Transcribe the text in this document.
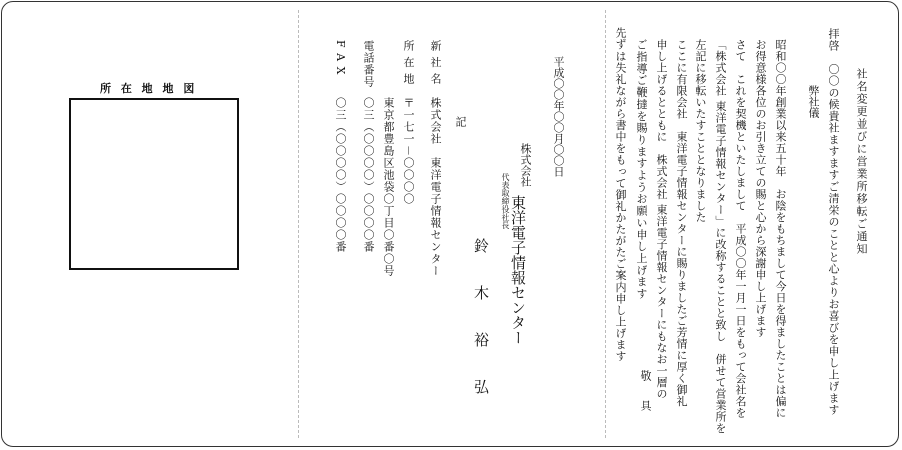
所 在 地 地 図
F A X
〇三（〇〇〇〇）〇〇〇〇番
電話番号
〇三（〇〇〇〇）〇〇〇〇番 東京都豊島区池袋〇丁目〇番〇号
所 在 地
〒一七一－〇〇〇〇
新 社 名
株式会社　東洋電子情報センター 記
鈴木裕弘
代表取締役社長 東洋電子情報センター
株式会社 平成〇〇年〇〇月〇〇日	先ずは失礼ながら書中をもって御礼かたがたご案内申し上げます ご指導ご鞭撻を賜りますようお願い申し上げます 申し上げるとともに　株式会社 東洋電子情報センターにもなお一層の ここに有限会社　東洋電子情報センターに賜りましたご芳情に厚く御礼 左記に移転いたすこととなりました 「株式会社 東洋電子情報センター」に改称することと致し　併せて営業所を さて　これを契機といたしまして　平成〇〇年一月一日をもって会社名を お得意様各位のお引き立ての賜と心から深謝申し上げます 昭和〇〇年創業以来五十年　お陰をもちまして今日を得ましたことは偏に 弊社儀
敬　具	拝啓　〇〇の候貴社ますますご清栄のことと心よりお喜びを申し上げます 社名変更並びに営業所移転ご通知
